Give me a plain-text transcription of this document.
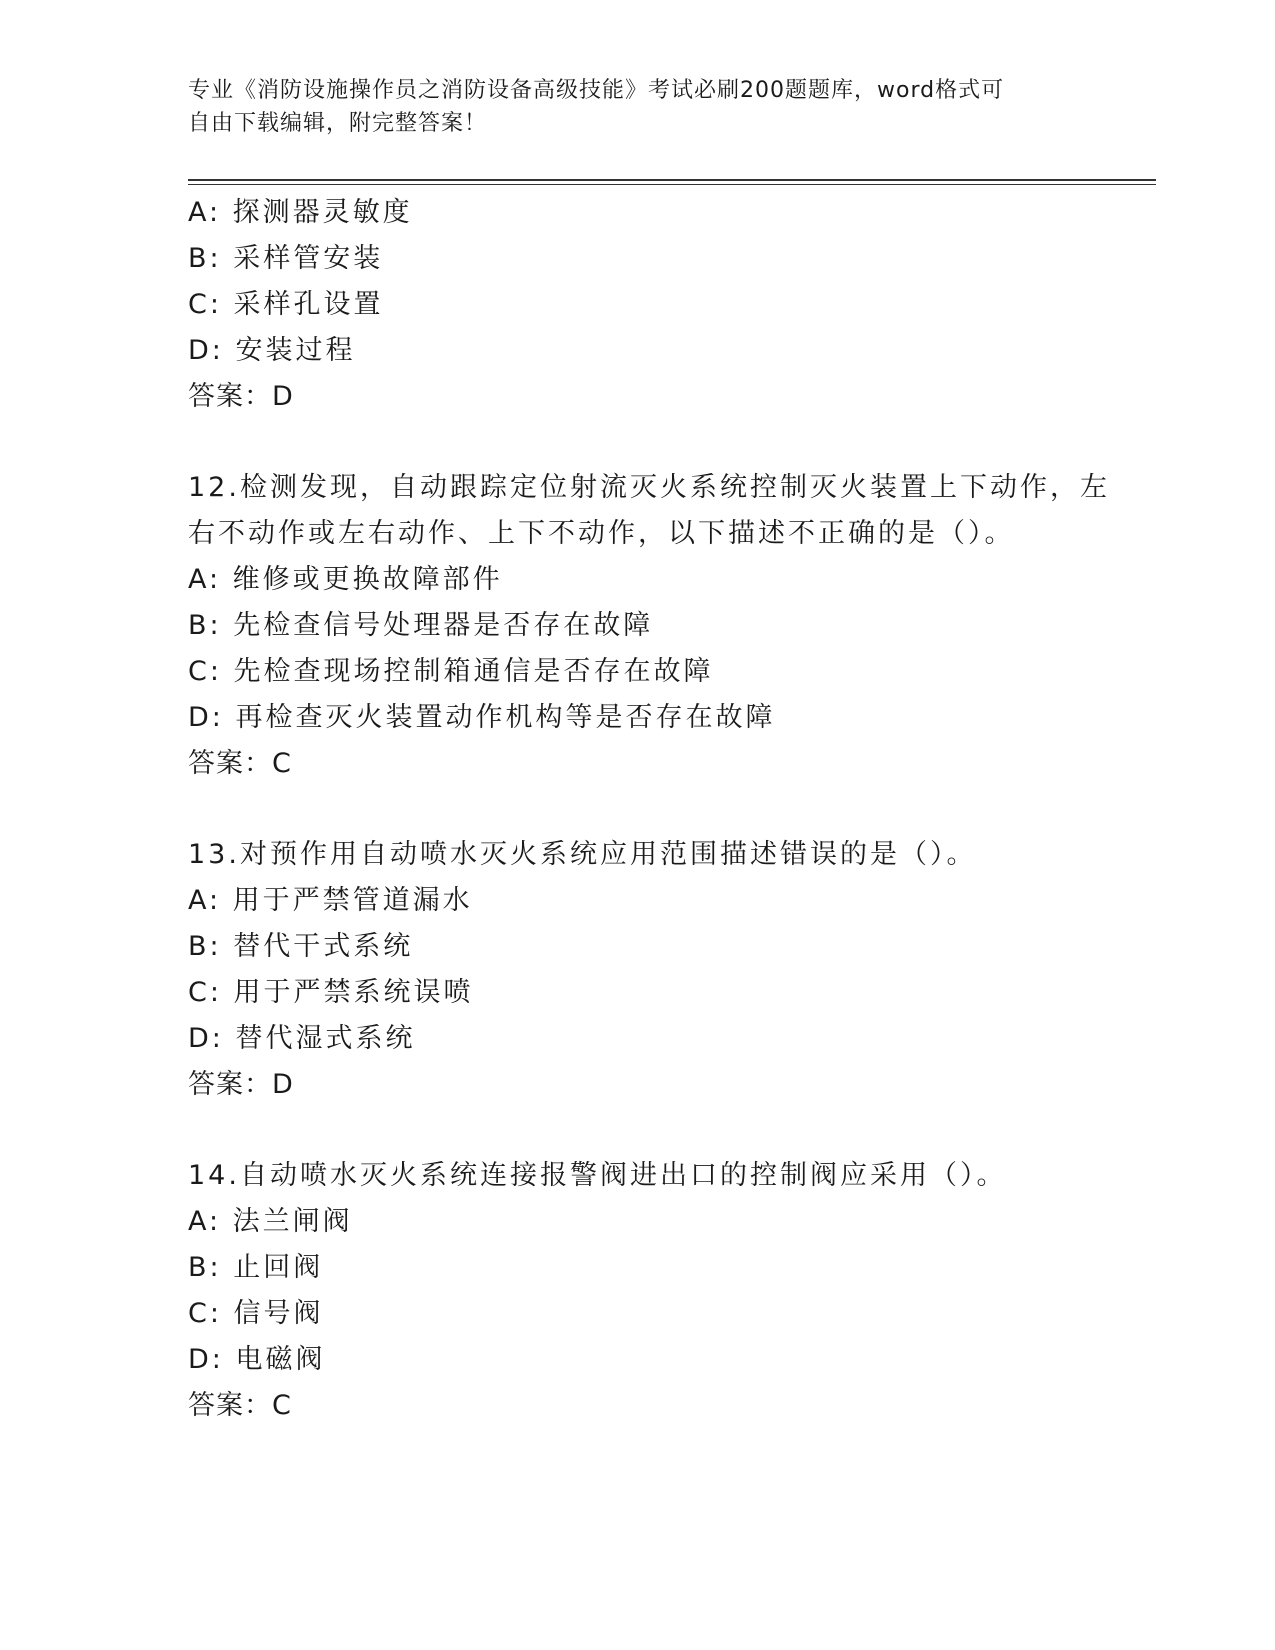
专业《消防设施操作员之消防设备高级技能》考试必刷200题题库，word格式可
自由下载编辑，附完整答案！
A: 探测器灵敏度
B: 采样管安装
C: 采样孔设置
D: 安装过程
答案：D
12.检测发现，自动跟踪定位射流灭火系统控制灭火装置上下动作，左
右不动作或左右动作、上下不动作，以下描述不正确的是（）。
A: 维修或更换故障部件
B: 先检查信号处理器是否存在故障
C: 先检查现场控制箱通信是否存在故障
D: 再检查灭火装置动作机构等是否存在故障
答案：C
13.对预作用自动喷水灭火系统应用范围描述错误的是（）。
A: 用于严禁管道漏水
B: 替代干式系统
C: 用于严禁系统误喷
D: 替代湿式系统
答案：D
14.自动喷水灭火系统连接报警阀进出口的控制阀应采用（）。
A: 法兰闸阀
B: 止回阀
C: 信号阀
D: 电磁阀
答案：C
